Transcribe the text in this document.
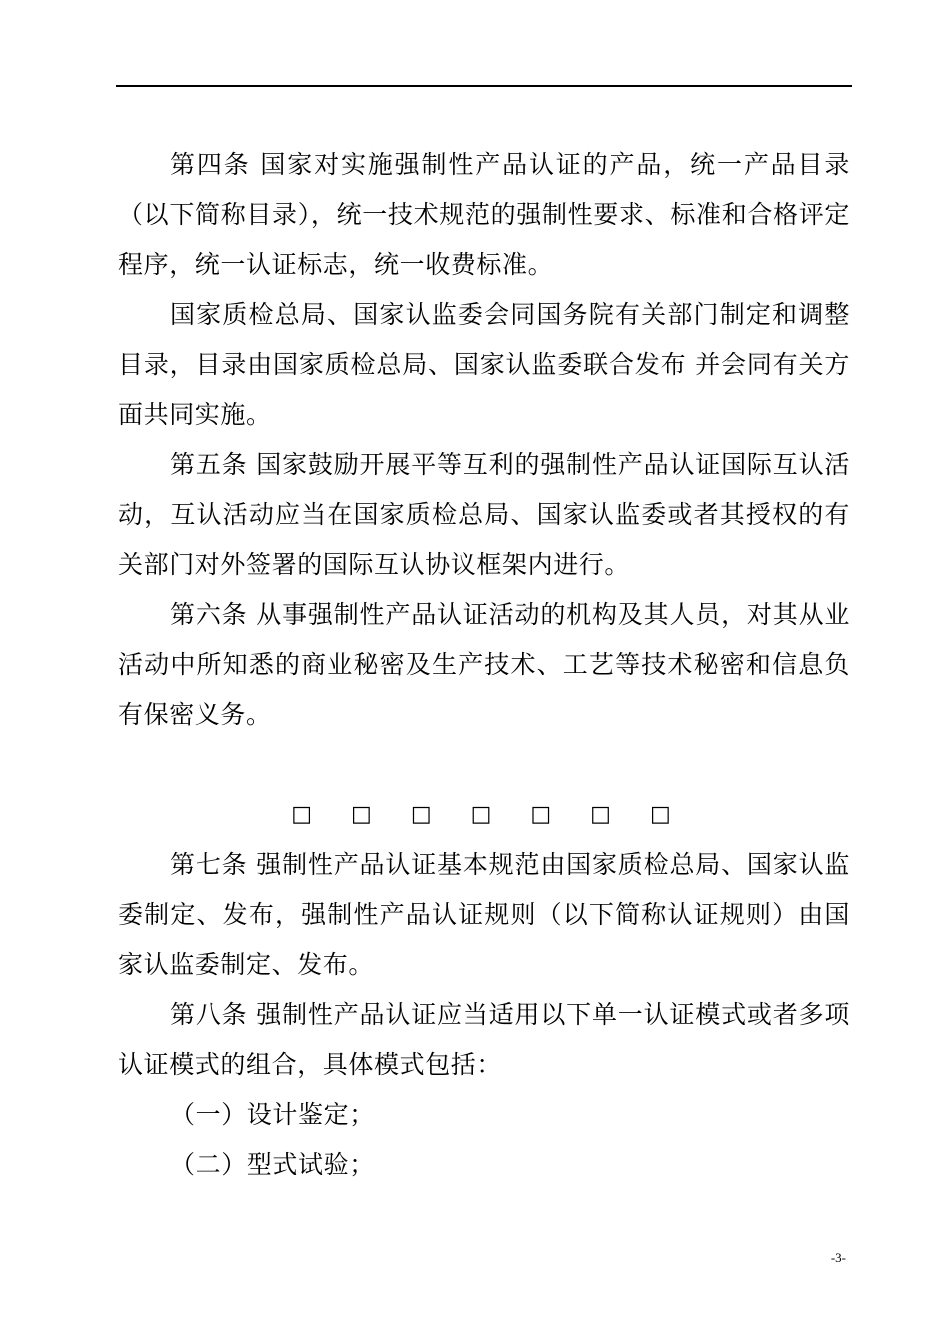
第四条 国家对实施强制性产品认证的产品，统一产品目录（以下简称目录），统一技术规范的强制性要求、标准和合格评定程序，统一认证标志，统一收费标准。

国家质检总局、国家认监委会同国务院有关部门制定和调整目录，目录由国家质检总局、国家认监委联合发布 并会同有关方面共同实施。

第五条 国家鼓励开展平等互利的强制性产品认证国际互认活动，互认活动应当在国家质检总局、国家认监委或者其授权的有关部门对外签署的国际互认协议框架内进行。

第六条 从事强制性产品认证活动的机构及其人员，对其从业活动中所知悉的商业秘密及生产技术、工艺等技术秘密和信息负有保密义务。

□ □ □ □ □ □ □

第七条 强制性产品认证基本规范由国家质检总局、国家认监委制定、发布，强制性产品认证规则（以下简称认证规则）由国家认监委制定、发布。

第八条 强制性产品认证应当适用以下单一认证模式或者多项认证模式的组合，具体模式包括：

（一）设计鉴定；

（二）型式试验；

-3-
